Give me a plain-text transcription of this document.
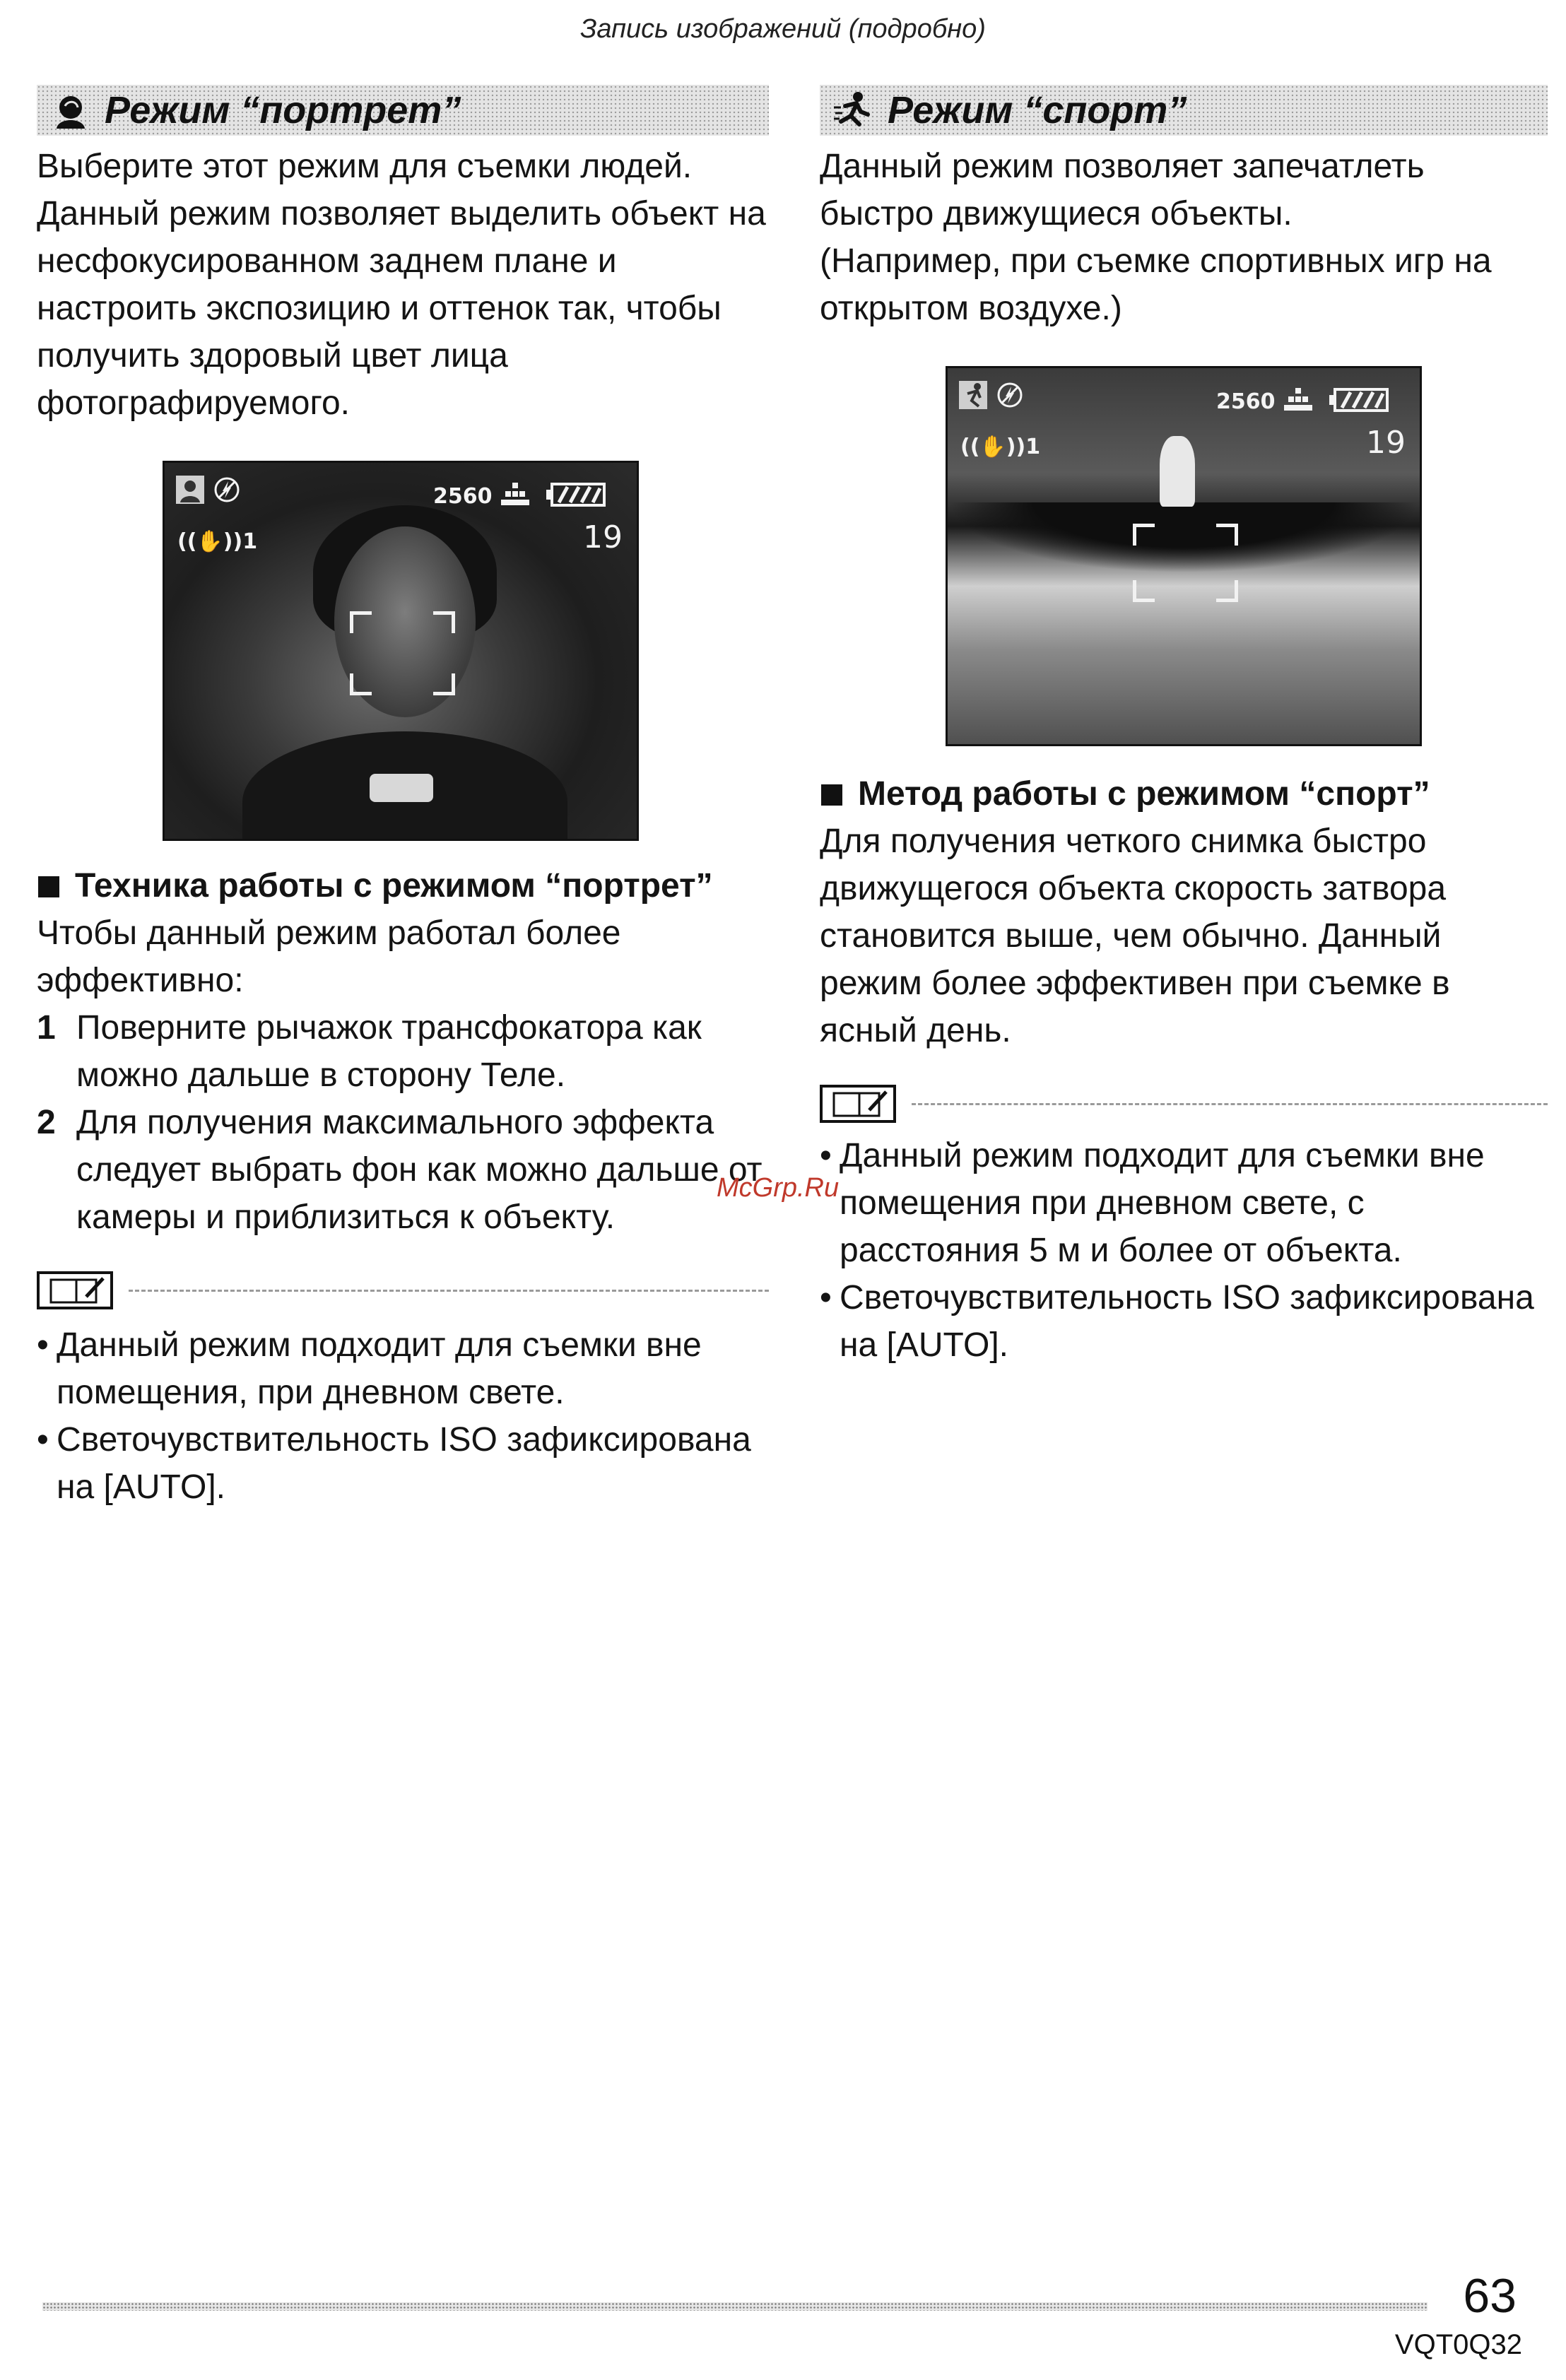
Запись изображений (подробно)
Режим “портрет”

Выберите этот режим для съемки людей.

Данный режим позволяет выделить объект на несфокусированном заднем плане и настроить экспозицию и оттенок так, чтобы получить здоровый цвет лица фотографируемого.

2560
((✋))1	19

Техника работы с режимом “портрет”

Чтобы данный режим работал более эффективно:
1 Поверните рычажок трансфокатора как можно дальше в сторону Теле.
2 Для получения максимального эффекта следует выбрать фон как можно дальше от камеры и приблизиться к объекту.
• Данный режим подходит для съемки вне помещения, при дневном свете.
• Светочувствительность ISO зафиксирована на [AUTO].
Режим “спорт”

Данный режим позволяет запечатлеть быстро движущиеся объекты.

(Например, при съемке спортивных игр на открытом воздухе.)

2560
((✋))1	19

Метод работы с режимом “спорт”

Для получения четкого снимка быстро движущегося объекта скорость затвора становится выше, чем обычно. Данный режим более эффективен при съемке в ясный день.
• Данный режим подходит для съемки вне помещения при дневном свете, с расстояния 5 м и более от объекта.
• Светочувствительность ISO зафиксирована на [AUTO].
McGrp.Ru
63
VQT0Q32
